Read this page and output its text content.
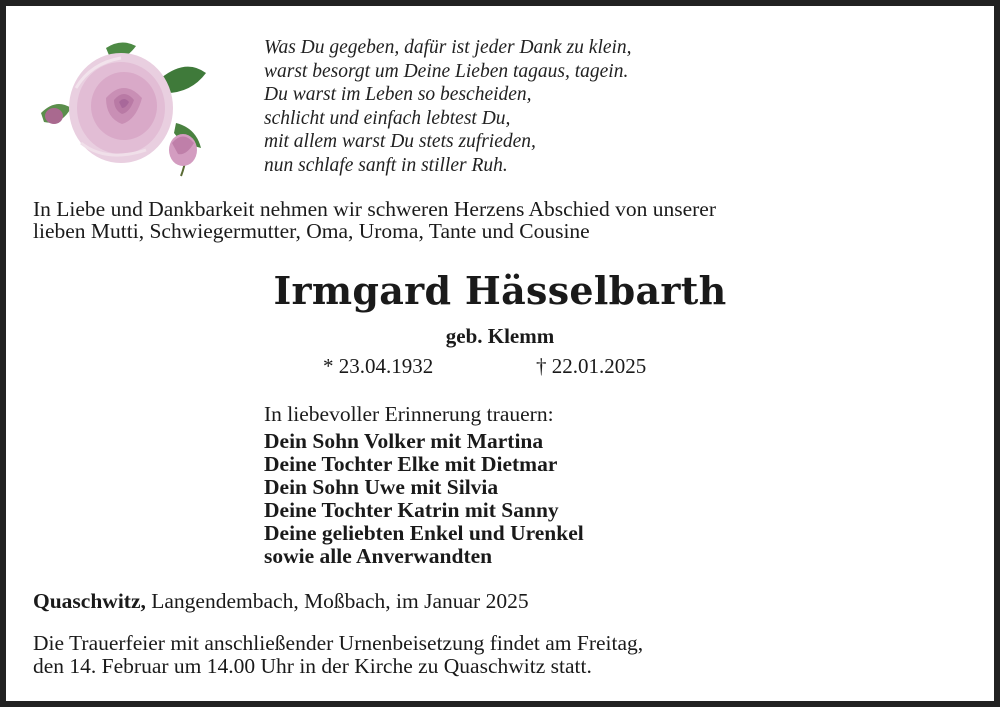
Was Du gegeben, dafür ist jeder Dank zu klein,
warst besorgt um Deine Lieben tagaus, tagein.
Du warst im Leben so bescheiden,
schlicht und einfach lebtest Du,
mit allem warst Du stets zufrieden,
nun schlafe sanft in stiller Ruh.
In Liebe und Dankbarkeit nehmen wir schweren Herzens Abschied von unserer
lieben Mutti, Schwiegermutter, Oma, Uroma, Tante und Cousine
Irmgard Hässelbarth
geb. Klemm
* 23.04.1932	† 22.01.2025
In liebevoller Erinnerung trauern:
Dein Sohn Volker mit Martina
Deine Tochter Elke mit Dietmar
Dein Sohn Uwe mit Silvia
Deine Tochter Katrin mit Sanny
Deine geliebten Enkel und Urenkel
sowie alle Anverwandten
Quaschwitz, Langendembach, Moßbach, im Januar 2025
Die Trauerfeier mit anschließender Urnenbeisetzung findet am Freitag,
den 14. Februar um 14.00 Uhr in der Kirche zu Quaschwitz statt.
